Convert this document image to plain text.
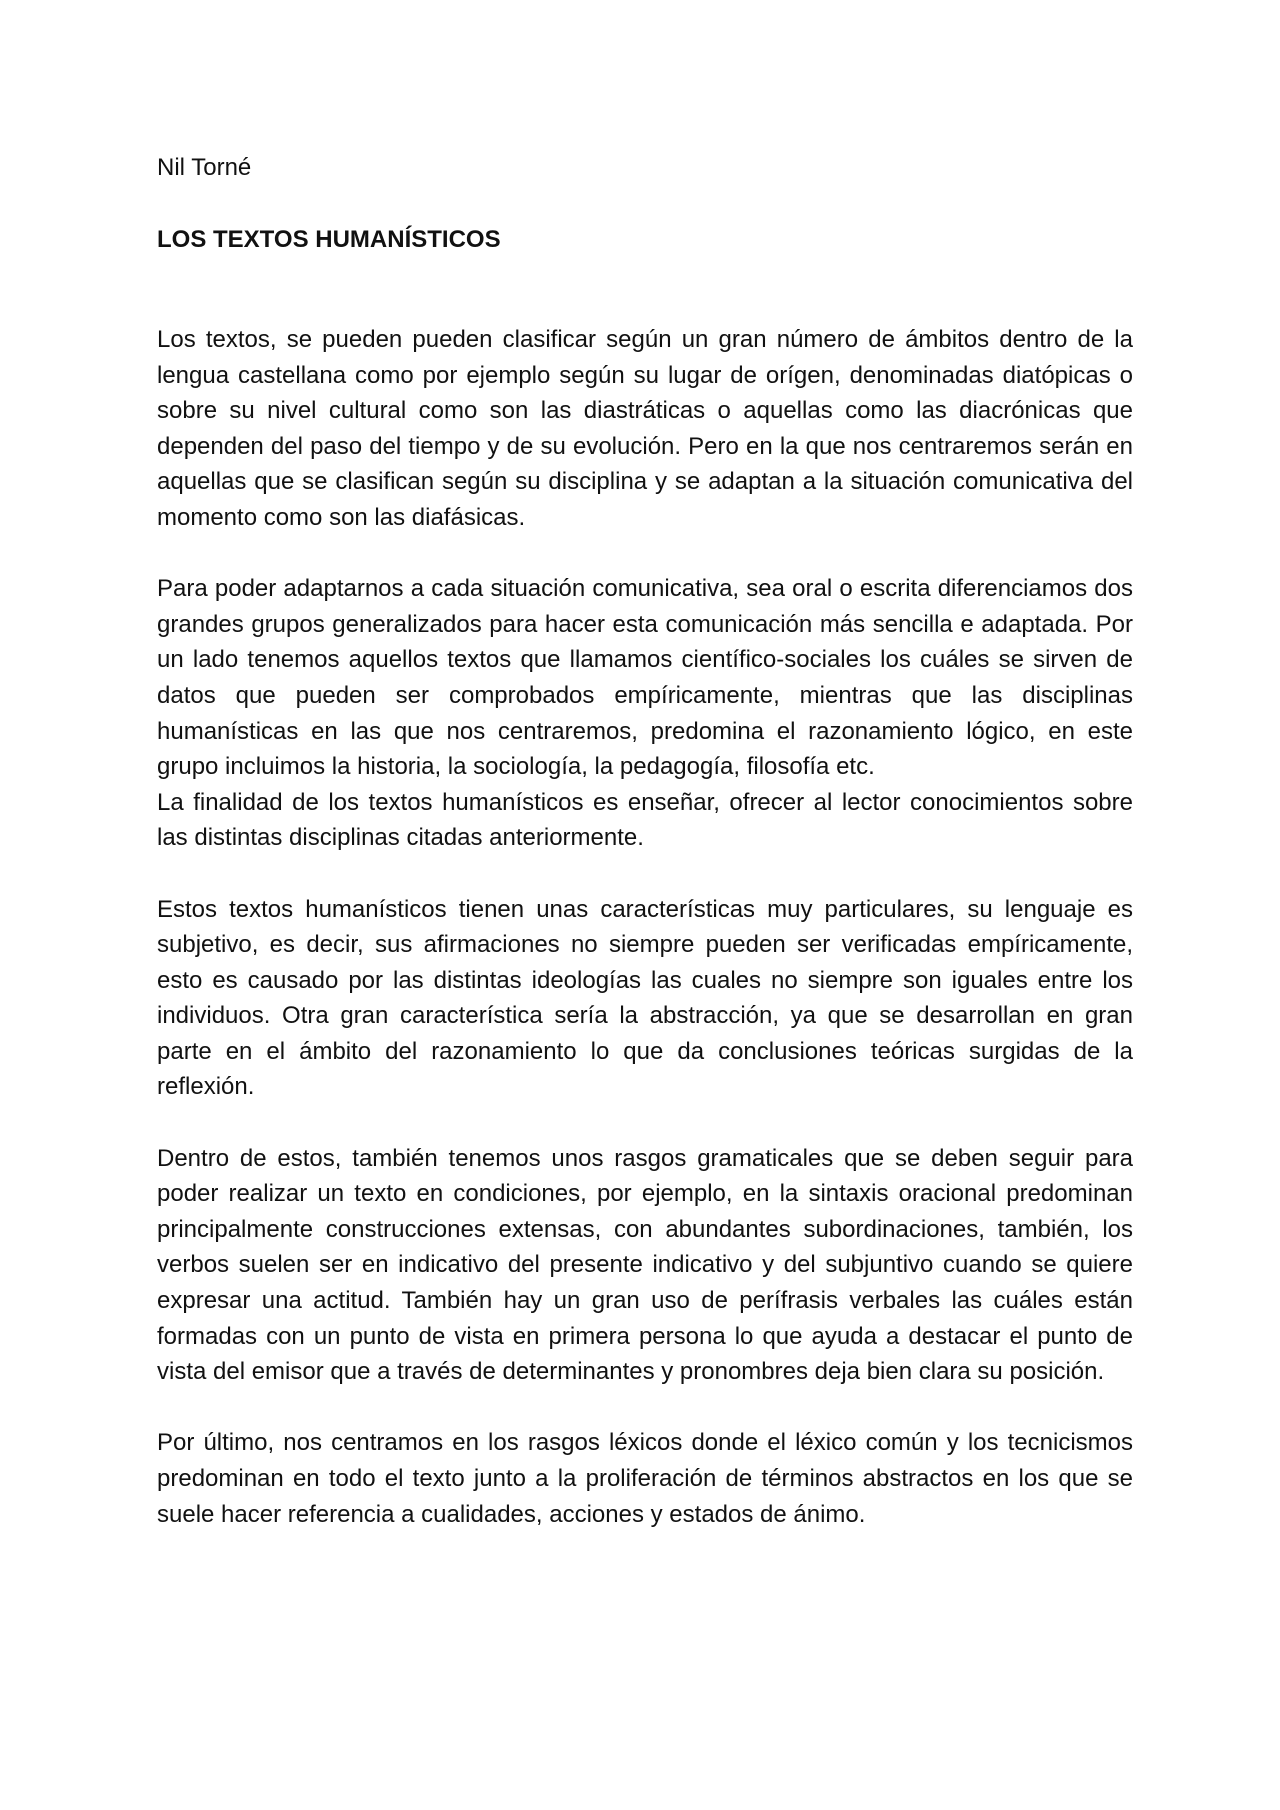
Nil Torné

LOS TEXTOS HUMANÍSTICOS

Los textos, se pueden pueden clasificar según un gran número de ámbitos dentro de la lengua castellana como por ejemplo según su lugar de orígen, denominadas diatópicas o sobre su nivel cultural como son las diastráticas o aquellas como las diacrónicas que dependen del paso del tiempo y de su evolución. Pero en la que nos centraremos serán en aquellas que se clasifican según su disciplina y se adaptan a la situación comunicativa del momento como son las diafásicas.

Para poder adaptarnos a cada situación comunicativa, sea oral o escrita diferenciamos dos grandes grupos generalizados para hacer esta comunicación más sencilla e adaptada. Por un lado tenemos aquellos textos que llamamos científico-sociales los cuáles se sirven de datos que pueden ser comprobados empíricamente, mientras que las disciplinas humanísticas en las que nos centraremos, predomina el razonamiento lógico, en este grupo incluimos la historia, la sociología, la pedagogía, filosofía etc.

La finalidad de los textos humanísticos es enseñar, ofrecer al lector conocimientos sobre las distintas disciplinas citadas anteriormente.

Estos textos humanísticos tienen unas características muy particulares, su lenguaje es subjetivo, es decir, sus afirmaciones no siempre pueden ser verificadas empíricamente, esto es causado por las distintas ideologías las cuales no siempre son iguales entre los individuos. Otra gran característica sería la abstracción, ya que se desarrollan en gran parte en el ámbito del razonamiento lo que da conclusiones teóricas surgidas de la reflexión.

Dentro de estos, también tenemos unos rasgos gramaticales que se deben seguir para poder realizar un texto en condiciones, por ejemplo, en la sintaxis oracional predominan principalmente construcciones extensas, con abundantes subordinaciones, también, los verbos suelen ser en indicativo del presente indicativo y del subjuntivo cuando se quiere expresar una actitud. También hay un gran uso de perífrasis verbales las cuáles están formadas con un punto de vista en primera persona lo que ayuda a destacar el punto de vista del emisor que a través de determinantes y pronombres deja bien clara su posición.

Por último, nos centramos en los rasgos léxicos donde el léxico común y los tecnicismos predominan en todo el texto junto a la proliferación de términos abstractos en los que se suele hacer referencia a cualidades, acciones y estados de ánimo.
